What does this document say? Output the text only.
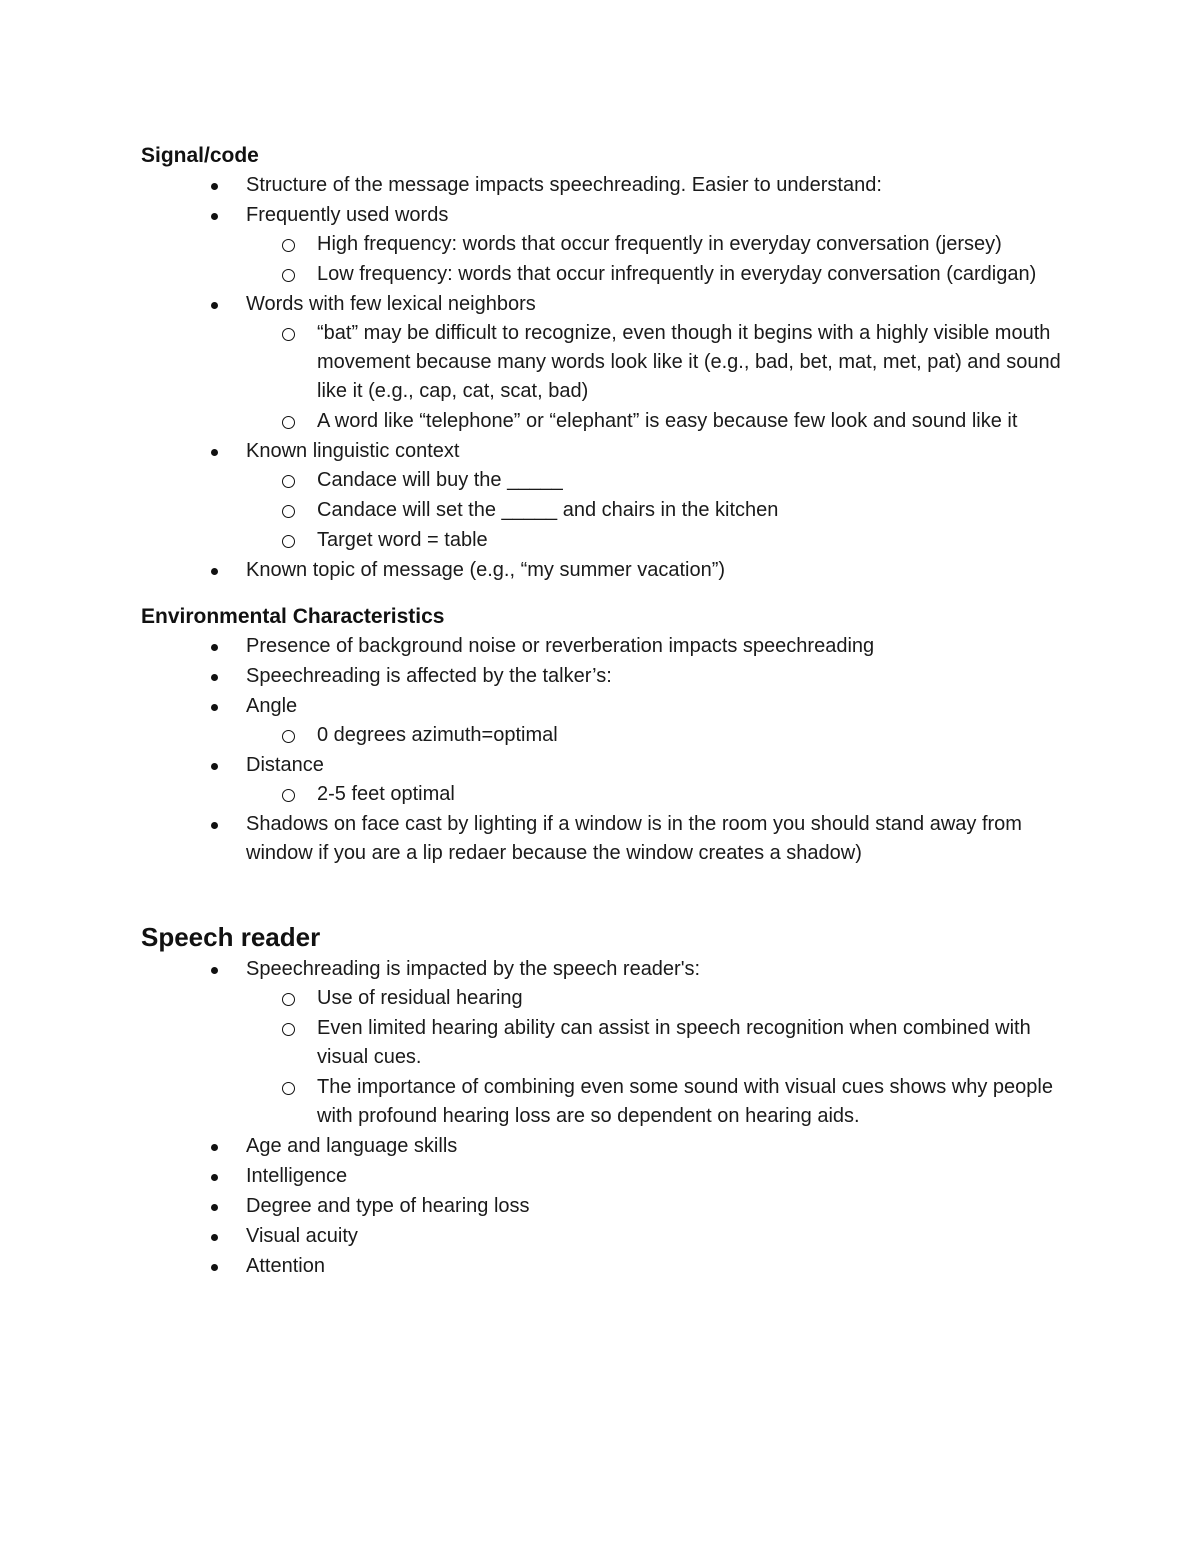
Signal/code
Structure of the message impacts speechreading. Easier to understand:
Frequently used words
High frequency: words that occur frequently in everyday conversation (jersey)
Low frequency: words that occur infrequently in everyday conversation (cardigan)
Words with few lexical neighbors
“bat” may be difficult to recognize, even though it begins with a highly visible mouth movement because many words look like it (e.g., bad, bet, mat, met, pat) and sound like it (e.g., cap, cat, scat, bad)
A word like “telephone” or “elephant” is easy because few look and sound like it
Known linguistic context
Candace will buy the _____
Candace will set the _____ and chairs in the kitchen
Target word = table
Known topic of message (e.g., “my summer vacation”)
Environmental Characteristics
Presence of background noise or reverberation impacts speechreading
Speechreading is affected by the talker’s:
Angle
0 degrees azimuth=optimal
Distance
2-5 feet optimal
Shadows on face cast by lighting if a window is in the room you should stand away from window if you are a lip redaer because the window creates a shadow)
Speech reader
Speechreading is impacted by the speech reader's:
Use of residual hearing
Even limited hearing ability can assist in speech recognition when combined with visual cues.
The importance of combining even some sound with visual cues shows why people with profound hearing loss are so dependent on hearing aids.
Age and language skills
Intelligence
Degree and type of hearing loss
Visual acuity
Attention
